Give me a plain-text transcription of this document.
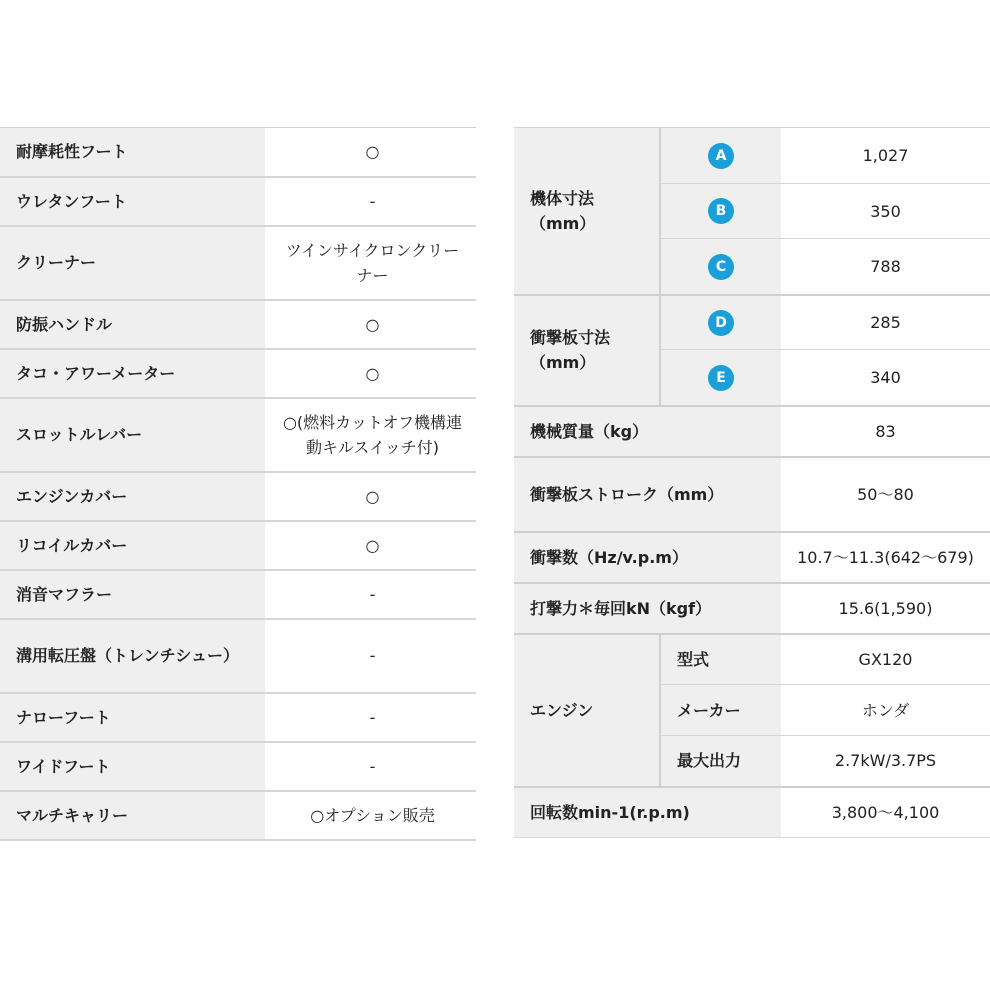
耐摩耗性フート	○
ウレタンフート	-
クリーナー	ツインサイクロンクリーナー
防振ハンドル	○
タコ・アワーメーター	○
スロットルレバー	○(燃料カットオフ機構連動キルスイッチ付)
エンジンカバー	○
リコイルカバー	○
消音マフラー	-
溝用転圧盤（トレンチシュー）	-
ナローフート	-
ワイドフート	-
マルチキャリー	○オプション販売
機体寸法（mm）	A	1,027
	B	350
	C	788
衝撃板寸法（mm）	D	285
	E	340
機械質量（kg）		83
衝撃板ストローク（mm）		50～80
衝撃数（Hz/v.p.m）		10.7～11.3(642～679)
打撃力＊毎回kN（kgf）		15.6(1,590)
エンジン	型式	GX120
	メーカー	ホンダ
	最大出力	2.7kW/3.7PS
回転数min-1(r.p.m)		3,800～4,100
